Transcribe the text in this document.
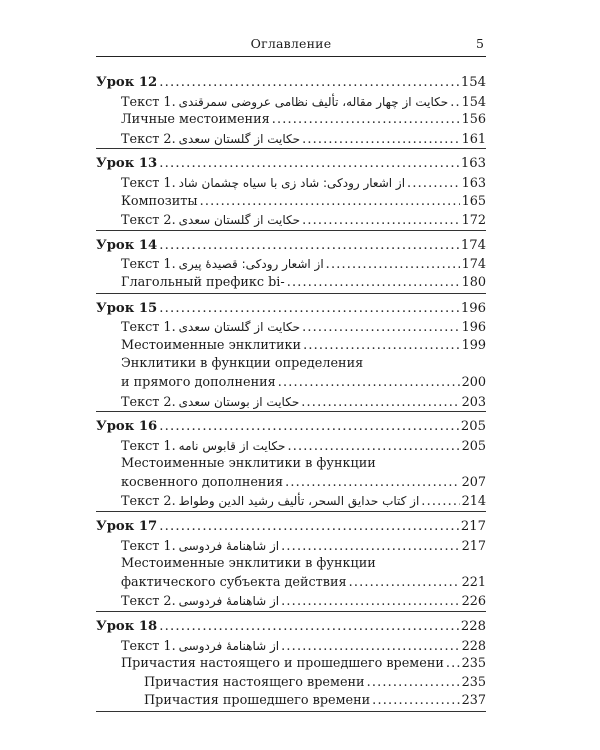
Оглавление	5
Урок 12 .....	154
Текст 1. حکایت از چهار مقاله، تألیف نظامی عروضی سمرقندی ..... 154
Личные местоимения .....	156
Текст 2. حکایت از گلستان سعدی .....	161
Урок 13 .....	163
Текст 1. از اشعار رودکی: شاد زی با سیاه چشمان شاد .....	163
Композиты .....	165
Текст 2. حکایت از گلستان سعدی .....	172
Урок 14 .....	174
Текст 1. از اشعار رودکی: قصیدۀ پیری .....	174
Глагольный префикс bi- .....	180
Урок 15 .....	196
Текст 1. حکایت از گلستان سعدی .....	196
Местоименные энклитики .....	199
Энклитики в функции определения
и прямого дополнения .....	200
Текст 2. حکایت از بوستان سعدی .....	203
Урок 16 .....	205
Текст 1. حکایت از قابوس نامه .....	205
Местоименные энклитики в функции
косвенного дополнения .....	207
Текст 2. از کتاب حدایق السحر، تألیف رشید الدین وطواط .....	214
Урок 17 .....	217
Текст 1. از شاهنامۀ فردوسی .....	217
Местоименные энклитики в функции
фактического субъекта действия .....	221
Текст 2. از شاهنامۀ فردوسی .....	226
Урок 18 .....	228
Текст 1. از شاهنامۀ فردوسی .....	228
Причастия настоящего и прошедшего времени ..... 235
Причастия настоящего времени .....	235
Причастия прошедшего времени .....	237
